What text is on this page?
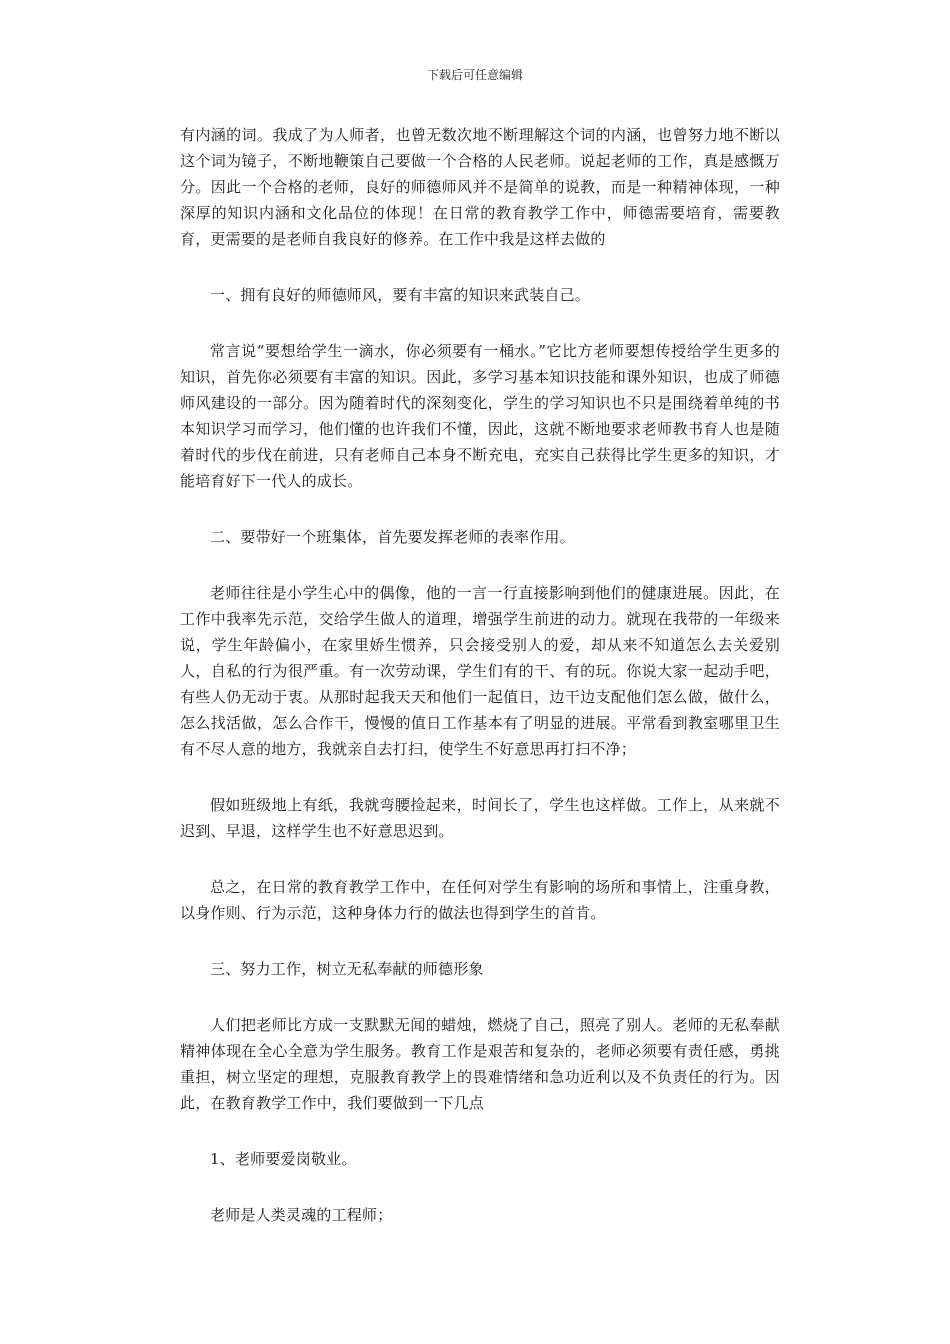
下载后可任意编辑

有内涵的词。我成了为人师者，也曾无数次地不断理解这个词的内涵，也曾努力地不断以这个词为镜子，不断地鞭策自己要做一个合格的人民老师。说起老师的工作，真是感慨万分。因此一个合格的老师，良好的师德师风并不是简单的说教，而是一种精神体现，一种深厚的知识内涵和文化品位的体现！在日常的教育教学工作中，师德需要培育，需要教育，更需要的是老师自我良好的修养。在工作中我是这样去做的

一、拥有良好的师德师风，要有丰富的知识来武装自己。

常言说“要想给学生一滴水，你必须要有一桶水。”它比方老师要想传授给学生更多的知识，首先你必须要有丰富的知识。因此，多学习基本知识技能和课外知识，也成了师德师风建设的一部分。因为随着时代的深刻变化，学生的学习知识也不只是围绕着单纯的书本知识学习而学习，他们懂的也许我们不懂，因此，这就不断地要求老师教书育人也是随着时代的步伐在前进，只有老师自己本身不断充电，充实自己获得比学生更多的知识，才能培育好下一代人的成长。

二、要带好一个班集体，首先要发挥老师的表率作用。

老师往往是小学生心中的偶像，他的一言一行直接影响到他们的健康进展。因此，在工作中我率先示范，交给学生做人的道理，增强学生前进的动力。就现在我带的一年级来说，学生年龄偏小，在家里娇生惯养，只会接受别人的爱，却从来不知道怎么去关爱别人，自私的行为很严重。有一次劳动课，学生们有的干、有的玩。你说大家一起动手吧，有些人仍无动于衷。从那时起我天天和他们一起值日，边干边支配他们怎么做，做什么，怎么找活做，怎么合作干，慢慢的值日工作基本有了明显的进展。平常看到教室哪里卫生有不尽人意的地方，我就亲自去打扫，使学生不好意思再打扫不净；

假如班级地上有纸，我就弯腰捡起来，时间长了，学生也这样做。工作上，从来就不迟到、早退，这样学生也不好意思迟到。

总之，在日常的教育教学工作中，在任何对学生有影响的场所和事情上，注重身教，以身作则、行为示范，这种身体力行的做法也得到学生的首肯。

三、努力工作，树立无私奉献的师德形象

人们把老师比方成一支默默无闻的蜡烛，燃烧了自己，照亮了别人。老师的无私奉献精神体现在全心全意为学生服务。教育工作是艰苦和复杂的，老师必须要有责任感，勇挑重担，树立坚定的理想，克服教育教学上的畏难情绪和急功近利以及不负责任的行为。因此，在教育教学工作中，我们要做到一下几点

1、老师要爱岗敬业。

老师是人类灵魂的工程师；
